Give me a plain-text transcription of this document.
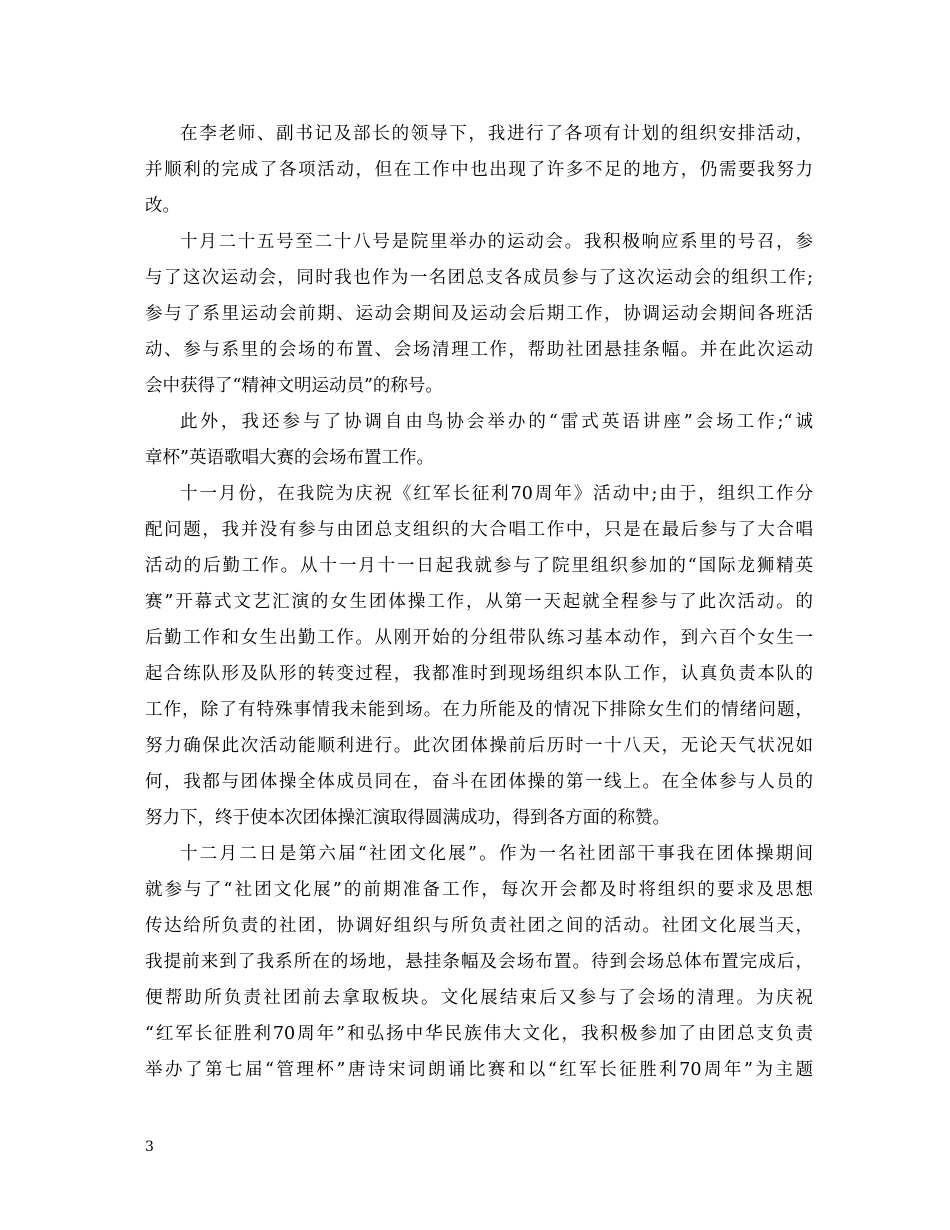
在李老师、副书记及部长的领导下，我进行了各项有计划的组织安排活动，
并顺利的完成了各项活动，但在工作中也出现了许多不足的地方，仍需要我努力
改。
十月二十五号至二十八号是院里举办的运动会。我积极响应系里的号召，参
与了这次运动会，同时我也作为一名团总支各成员参与了这次运动会的组织工作;
参与了系里运动会前期、运动会期间及运动会后期工作，协调运动会期间各班活
动、参与系里的会场的布置、会场清理工作，帮助社团悬挂条幅。并在此次运动
会中获得了“精神文明运动员”的称号。
此外，我还参与了协调自由鸟协会举办的“雷式英语讲座”会场工作;“诚
章杯”英语歌唱大赛的会场布置工作。
十一月份，在我院为庆祝《红军长征利70周年》活动中;由于，组织工作分
配问题，我并没有参与由团总支组织的大合唱工作中，只是在最后参与了大合唱
活动的后勤工作。从十一月十一日起我就参与了院里组织参加的“国际龙狮精英
赛”开幕式文艺汇演的女生团体操工作，从第一天起就全程参与了此次活动。的
后勤工作和女生出勤工作。从刚开始的分组带队练习基本动作，到六百个女生一
起合练队形及队形的转变过程，我都准时到现场组织本队工作，认真负责本队的
工作，除了有特殊事情我未能到场。在力所能及的情况下排除女生们的情绪问题，
努力确保此次活动能顺利进行。此次团体操前后历时一十八天，无论天气状况如
何，我都与团体操全体成员同在，奋斗在团体操的第一线上。在全体参与人员的
努力下，终于使本次团体操汇演取得圆满成功，得到各方面的称赞。
十二月二日是第六届“社团文化展”。作为一名社团部干事我在团体操期间
就参与了“社团文化展”的前期准备工作，每次开会都及时将组织的要求及思想
传达给所负责的社团，协调好组织与所负责社团之间的活动。社团文化展当天，
我提前来到了我系所在的场地，悬挂条幅及会场布置。待到会场总体布置完成后，
便帮助所负责社团前去拿取板块。文化展结束后又参与了会场的清理。为庆祝
“红军长征胜利70周年”和弘扬中华民族伟大文化，我积极参加了由团总支负责
举办了第七届“管理杯”唐诗宋词朗诵比赛和以“红军长征胜利70周年”为主题
3
